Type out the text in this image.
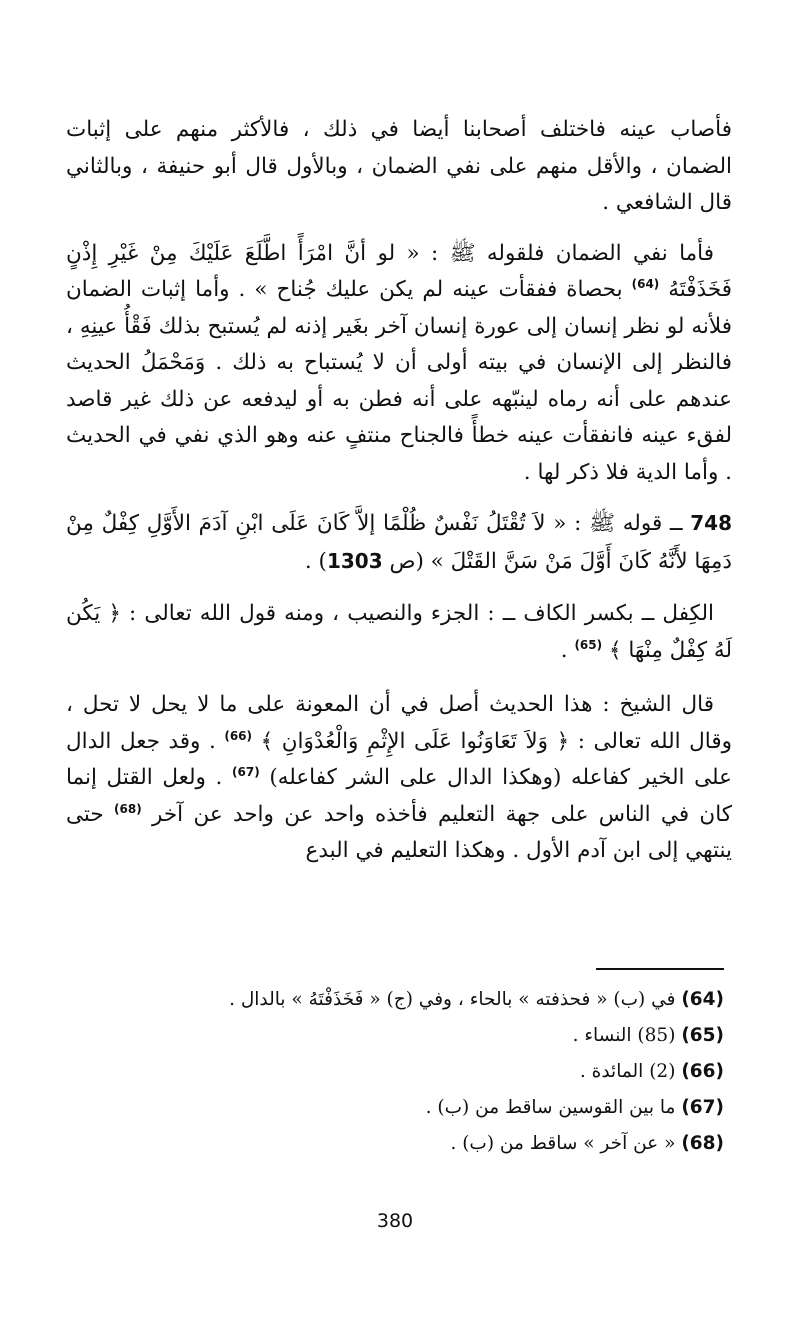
فأصاب عينه فاختلف أصحابنا أيضا في ذلك ، فالأكثر منهم على إثبات الضمان ، والأقل منهم على نفي الضمان ، وبالأول قال أبو حنيفة ، وبالثاني قال الشافعي .

فأما نفي الضمان فلقوله ﷺ : « لو أنَّ امْرَأً اطَّلَعَ عَلَيْكَ مِنْ غَيْرِ إِذْنٍ فَخَذَفْتَهُ $^{(64)}$ بحصاة ففقأت عينه لم يكن عليك جُناح » . وأما إثبات الضمان فلأنه لو نظر إنسان إلى عورة إنسان آخر بغَير إذنه لم يُستبح بذلك فَقْأُ عينِهِ ، فالنظر إلى الإنسان في بيته أولى أن لا يُستباح به ذلك . وَمَحْمَلُ الحديث عندهم على أنه رماه لينبّهه على أنه فطن به أو ليدفعه عن ذلك غير قاصد لفقء عينه فانفقأت عينه خطأً فالجناح منتفٍ عنه وهو الذي نفي في الحديث . وأما الدية فلا ذكر لها .

748 ــ قوله ﷺ : « لاَ تُقْتَلُ نَفْسٌ ظُلْمًا إلاَّ كَانَ عَلَى ابْنِ آدَمَ الأَوَّلِ كِفْلٌ مِنْ دَمِهَا لأَنَّهُ كَانَ أَوَّلَ مَنْ سَنَّ القَتْلَ » (ص 1303) .

الكِفل ــ بكسر الكاف ــ : الجزء والنصيب ، ومنه قول الله تعالى : ﴿ يَكُن لَهُ كِفْلٌ مِنْهَا ﴾ $^{(65)}$ .

قال الشيخ : هذا الحديث أصل في أن المعونة على ما لا يحل لا تحل ، وقال الله تعالى : ﴿ وَلاَ تَعَاوَنُوا عَلَى الإِثْمِ وَالْعُدْوَانِ ﴾ $^{(66)}$ . وقد جعل الدال على الخير كفاعله (وهكذا الدال على الشر كفاعله) $^{(67)}$ . ولعل القتل إنما كان في الناس على جهة التعليم فأخذه واحد عن واحد عن آخر $^{(68)}$ حتى ينتهي إلى ابن آدم الأول . وهكذا التعليم في البدع

(64) في (ب) « فحذفته » بالحاء ، وفي (ج) « فَخَذَفْتَهُ » بالدال .
(65) (85) النساء .
(66) (2) المائدة .
(67) ما بين القوسين ساقط من (ب) .
(68) « عن آخر » ساقط من (ب) .
380
